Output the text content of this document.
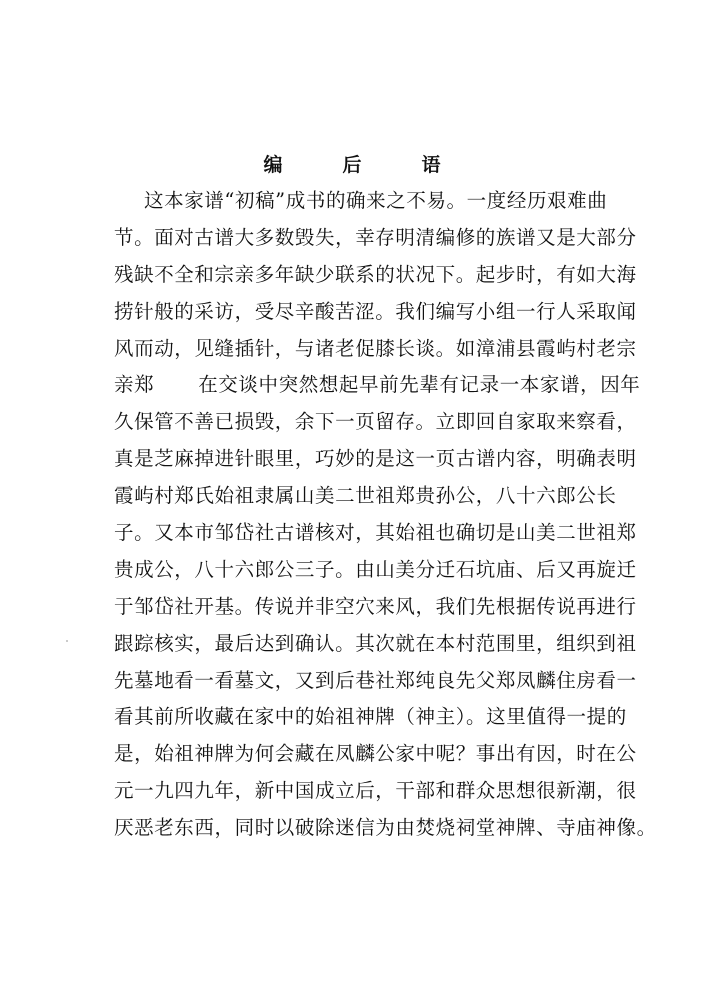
编	后	语
这本家谱“初稿”成书的确来之不易。一度经历艰难曲
节。面对古谱大多数毁失，幸存明清编修的族谱又是大部分
残缺不全和宗亲多年缺少联系的状况下。起步时，有如大海
捞针般的采访，受尽辛酸苦涩。我们编写小组一行人采取闻
风而动，见缝插针，与诸老促膝长谈。如漳浦县霞屿村老宗
亲郑 在交谈中突然想起早前先辈有记录一本家谱，因年
久保管不善已损毁，余下一页留存。立即回自家取来察看，
真是芝麻掉进针眼里，巧妙的是这一页古谱内容，明确表明
霞屿村郑氏始祖隶属山美二世祖郑贵孙公，八十六郎公长
子。又本市邹岱社古谱核对，其始祖也确切是山美二世祖郑
贵成公，八十六郎公三子。由山美分迁石坑庙、后又再旋迁
于邹岱社开基。传说并非空穴来风，我们先根据传说再进行
跟踪核实，最后达到确认。其次就在本村范围里，组织到祖
先墓地看一看墓文，又到后巷社郑纯良先父郑凤麟住房看一
看其前所收藏在家中的始祖神牌（神主）。这里值得一提的
是，始祖神牌为何会藏在凤麟公家中呢？事出有因，时在公
元一九四九年，新中国成立后，干部和群众思想很新潮，很
厌恶老东西，同时以破除迷信为由焚烧祠堂神牌、寺庙神像。
